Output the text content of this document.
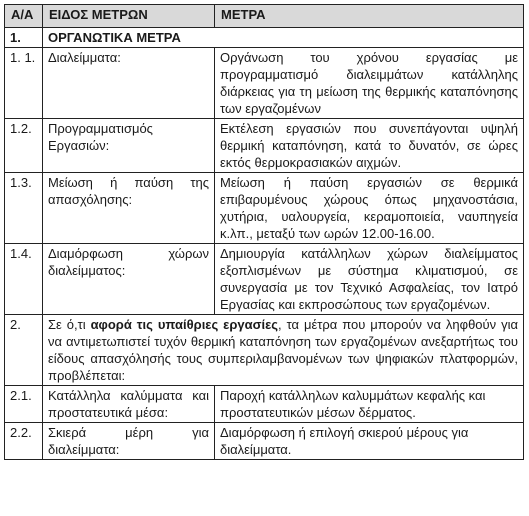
Α/Α	ΕΙΔΟΣ ΜΕΤΡΩΝ	ΜΕΤΡΑ
1.	ΟΡΓΑΝΩΤΙΚΑ ΜΕΤΡΑ	
1. 1.	Διαλείμματα:	Οργάνωση του χρόνου εργασίας με προγραμματισμό διαλειμμάτων κατάλληλης διάρκειας για τη μείωση της θερμικής καταπόνησης των εργαζομένων
1.2.	Προγραμματισμός Εργασιών:	Εκτέλεση εργασιών που συνεπάγονται υψηλή θερμική καταπόνηση, κατά το δυνατόν, σε ώρες εκτός θερμοκρασιακών αιχμών.
1.3.	Μείωση ή παύση της απασχόλησης:	Μείωση ή παύση εργασιών σε θερμικά επιβαρυμένους χώρους όπως μηχανοστάσια, χυτήρια, υαλουργεία, κεραμοποιεία, ναυπηγεία κ.λπ., μεταξύ των ωρών 12.00-16.00.
1.4.	Διαμόρφωση χώρων διαλείμματος:	Δημιουργία κατάλληλων χώρων διαλείμματος εξοπλισμένων με σύστημα κλιματισμού, σε συνεργασία με τον Τεχνικό Ασφαλείας, τον Ιατρό Εργασίας και εκπροσώπους των εργαζομένων.
2.	Σε ό,τι αφορά τις υπαίθριες εργασίες, τα μέτρα που μπορούν να ληφθούν για να αντιμετωπιστεί τυχόν θερμική καταπόνηση των εργαζομένων ανεξαρτήτως του είδους απασχόλησής τους συμπεριλαμβανομένων των ψηφιακών πλατφορμών, προβλέπεται:	
2.1.	Κατάλληλα καλύμματα και προστατευτικά μέσα:	Παροχή κατάλληλων καλυμμάτων κεφαλής και προστατευτικών μέσων δέρματος.
2.2.	Σκιερά μέρη για διαλείμματα:	Διαμόρφωση ή επιλογή σκιερού μέρους για διαλείμματα.
